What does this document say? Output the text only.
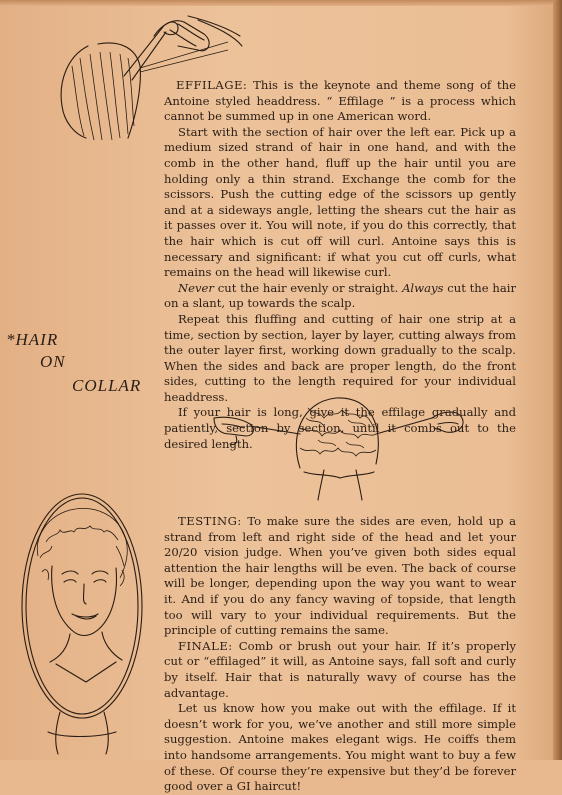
*HAIR
ON
COLLAR

EFFILAGE: This is the keynote and theme song of the Antoine styled headdress. “ Effilage ” is a process which cannot be summed up in one American word.

Start with the section of hair over the left ear. Pick up a medium sized strand of hair in one hand, and with the comb in the other hand, fluff up the hair until you are holding only a thin strand. Exchange the comb for the scissors. Push the cutting edge of the scissors up gently and at a sideways angle, letting the shears cut the hair as it passes over it. You will note, if you do this correctly, that the hair which is cut off will curl. Antoine says this is necessary and significant: if what you cut off curls, what remains on the head will likewise curl.

Never cut the hair evenly or straight. Always cut the hair on a slant, up towards the scalp.

Repeat this fluffing and cutting of hair one strip at a time, section by section, layer by layer, cutting always from the outer layer first, working down gradually to the scalp. When the sides and back are proper length, do the front sides, cutting to the length required for your individual headdress.

If your hair is long, give it the effilage gradually and patiently, section by section, until it combs out to the desired length.

TESTING: To make sure the sides are even, hold up a strand from left and right side of the head and let your 20/20 vision judge. When you’ve given both sides equal attention the hair lengths will be even. The back of course will be longer, depending upon the way you want to wear it. And if you do any fancy waving of topside, that length too will vary to your individual requirements. But the principle of cutting remains the same.

FINALE: Comb or brush out your hair. If it’s properly cut or “effilaged” it will, as Antoine says, fall soft and curly by itself. Hair that is naturally wavy of course has the advantage.

Let us know how you make out with the effilage. If it doesn’t work for you, we’ve another and still more simple suggestion. Antoine makes elegant wigs. He coiffs them into handsome arrangements. You might want to buy a few of these. Of course they’re expensive but they’d be forever good over a GI haircut!
